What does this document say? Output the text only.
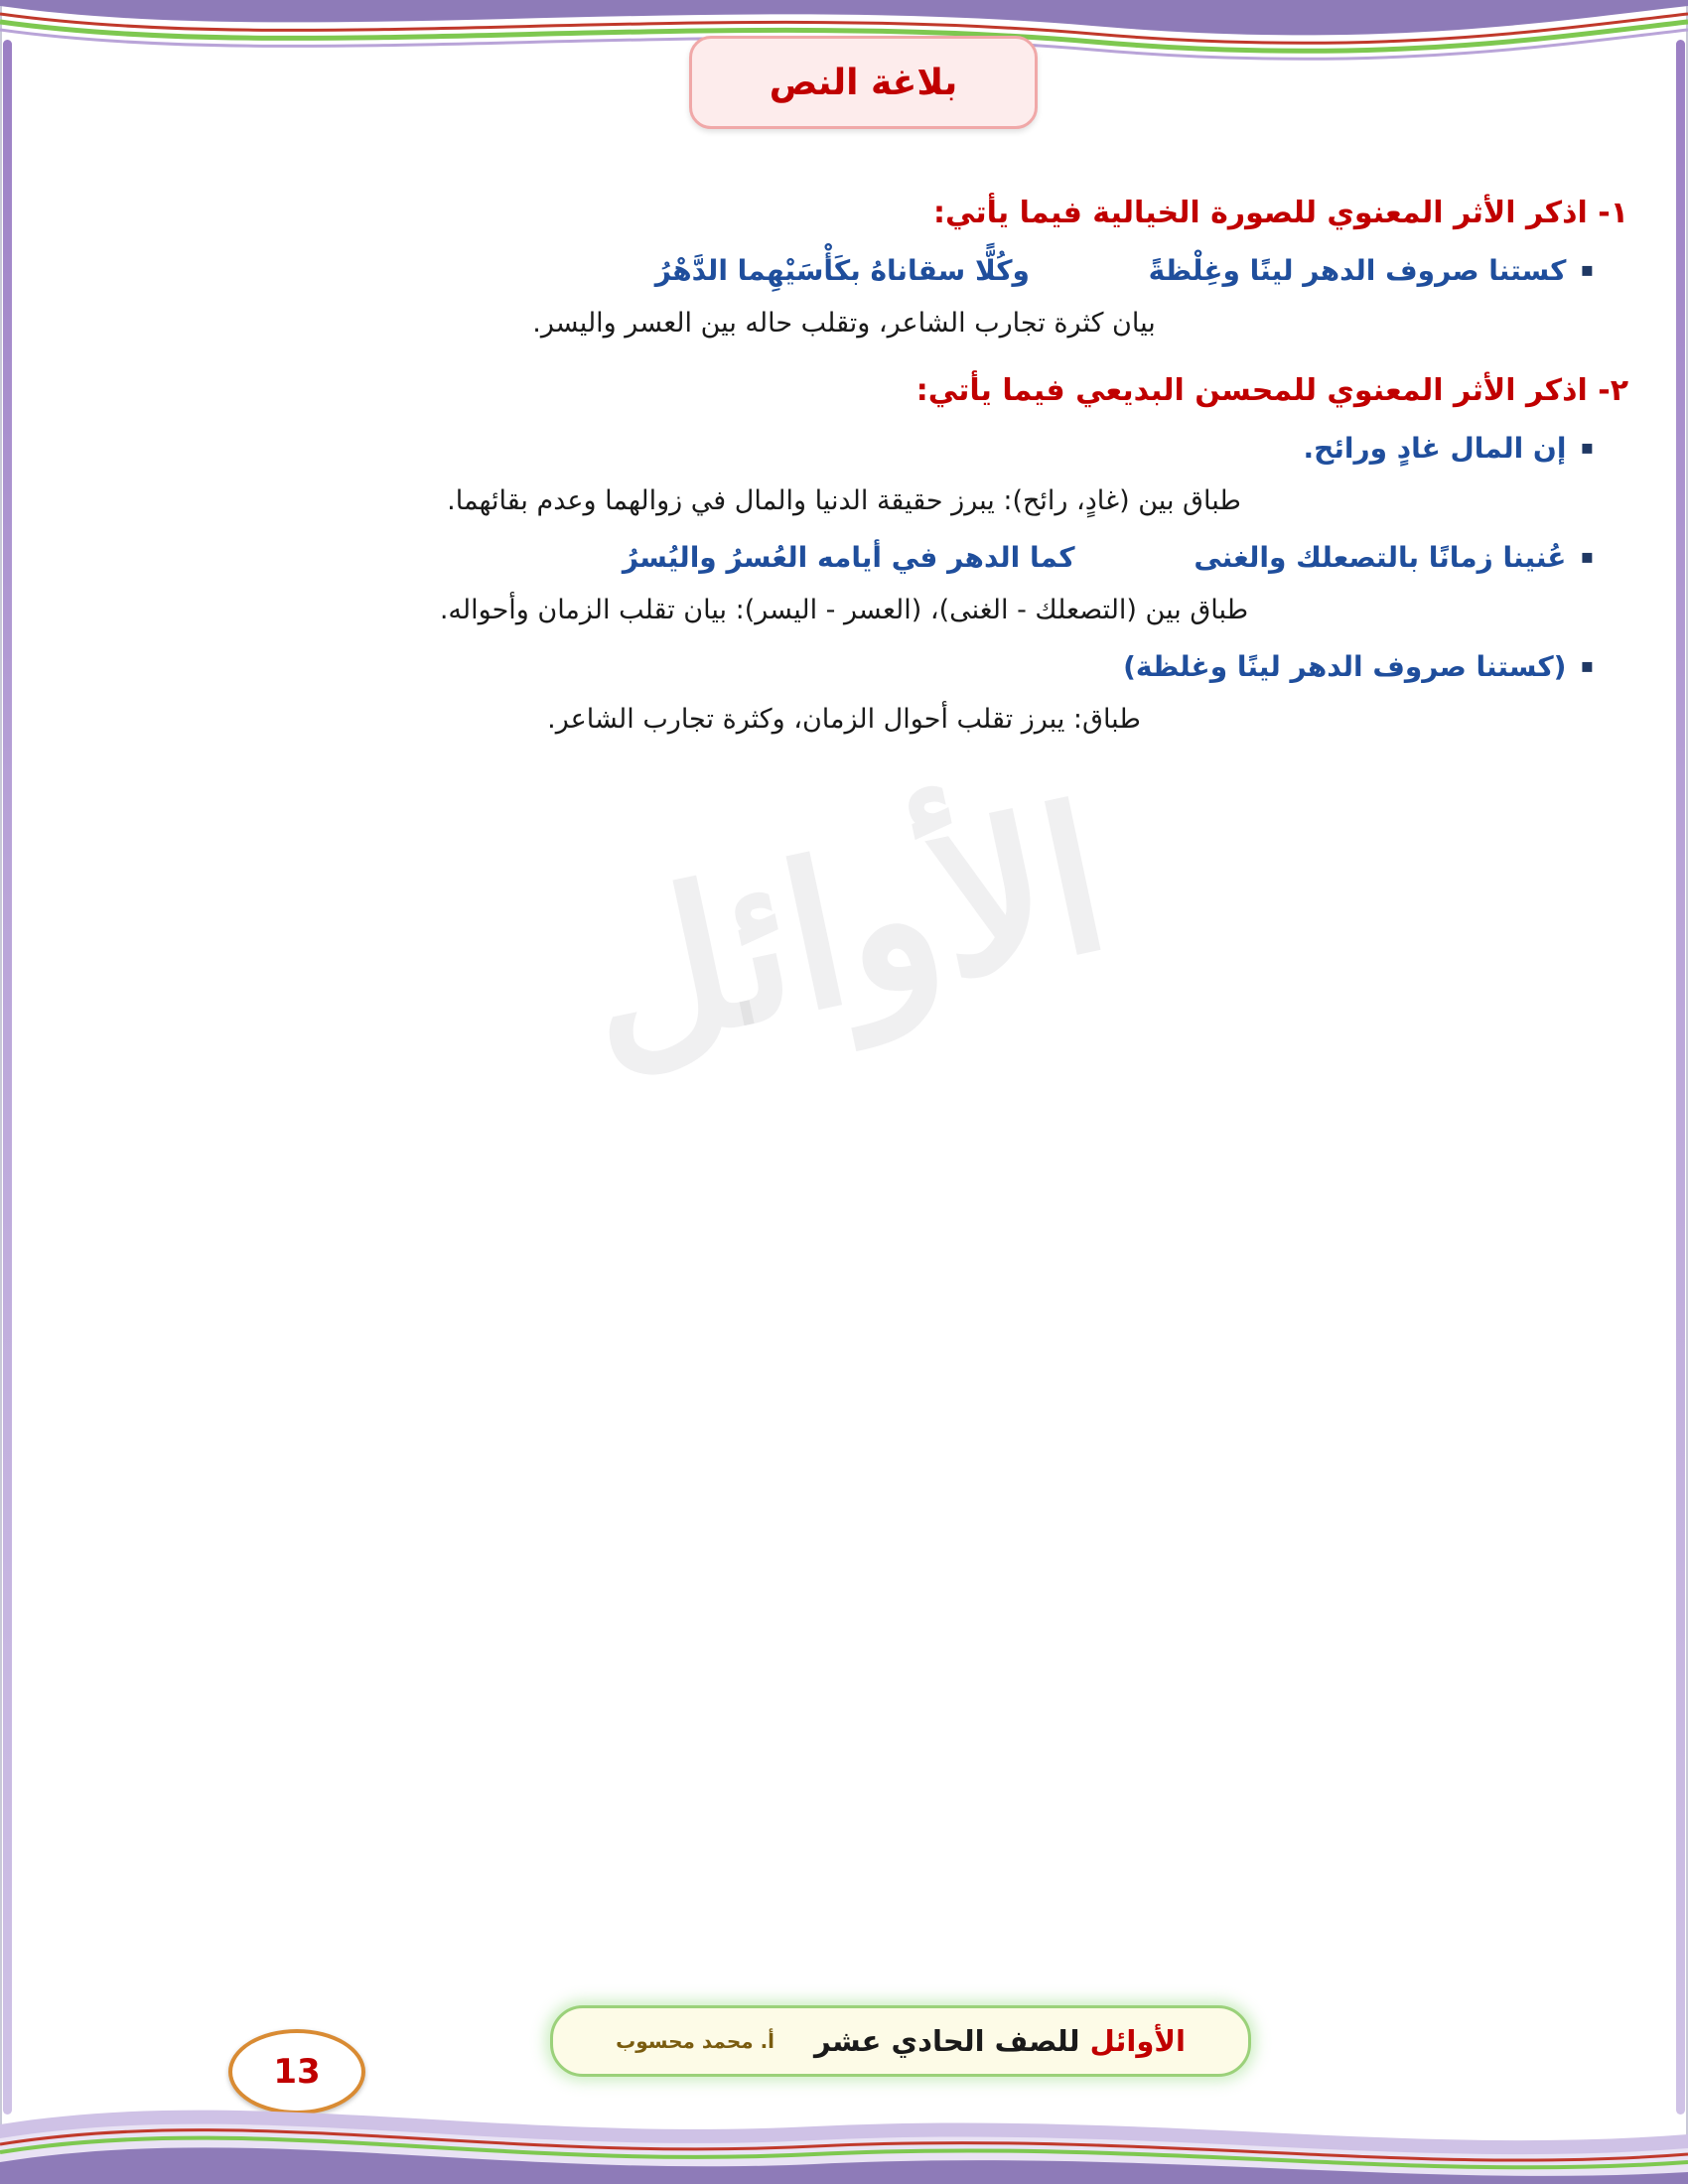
بلاغة النص
الأوائل
١- اذكر الأثر المعنوي للصورة الخيالية فيما يأتي:
▪
كستنا صروف الدهر لينًا وغِلْظةً وكُلًّا سقاناهُ بكَأْسَيْهِما الدَّهْرُ
بيان كثرة تجارب الشاعر، وتقلب حاله بين العسر واليسر.
٢- اذكر الأثر المعنوي للمحسن البديعي فيما يأتي:
▪
إن المال غادٍ ورائح.
طباق بين (غادٍ، رائح): يبرز حقيقة الدنيا والمال في زوالهما وعدم بقائهما.
▪
عُنينا زمانًا بالتصعلك والغنى كما الدهر في أيامه العُسرُ واليُسرُ
طباق بين (التصعلك - الغنى)، (العسر - اليسر): بيان تقلب الزمان وأحواله.
▪
(كستنا صروف الدهر لينًا وغلظة)
طباق: يبرز تقلب أحوال الزمان، وكثرة تجارب الشاعر.
الأوائل للصف الحادي عشر
أ. محمد محسوب
13
